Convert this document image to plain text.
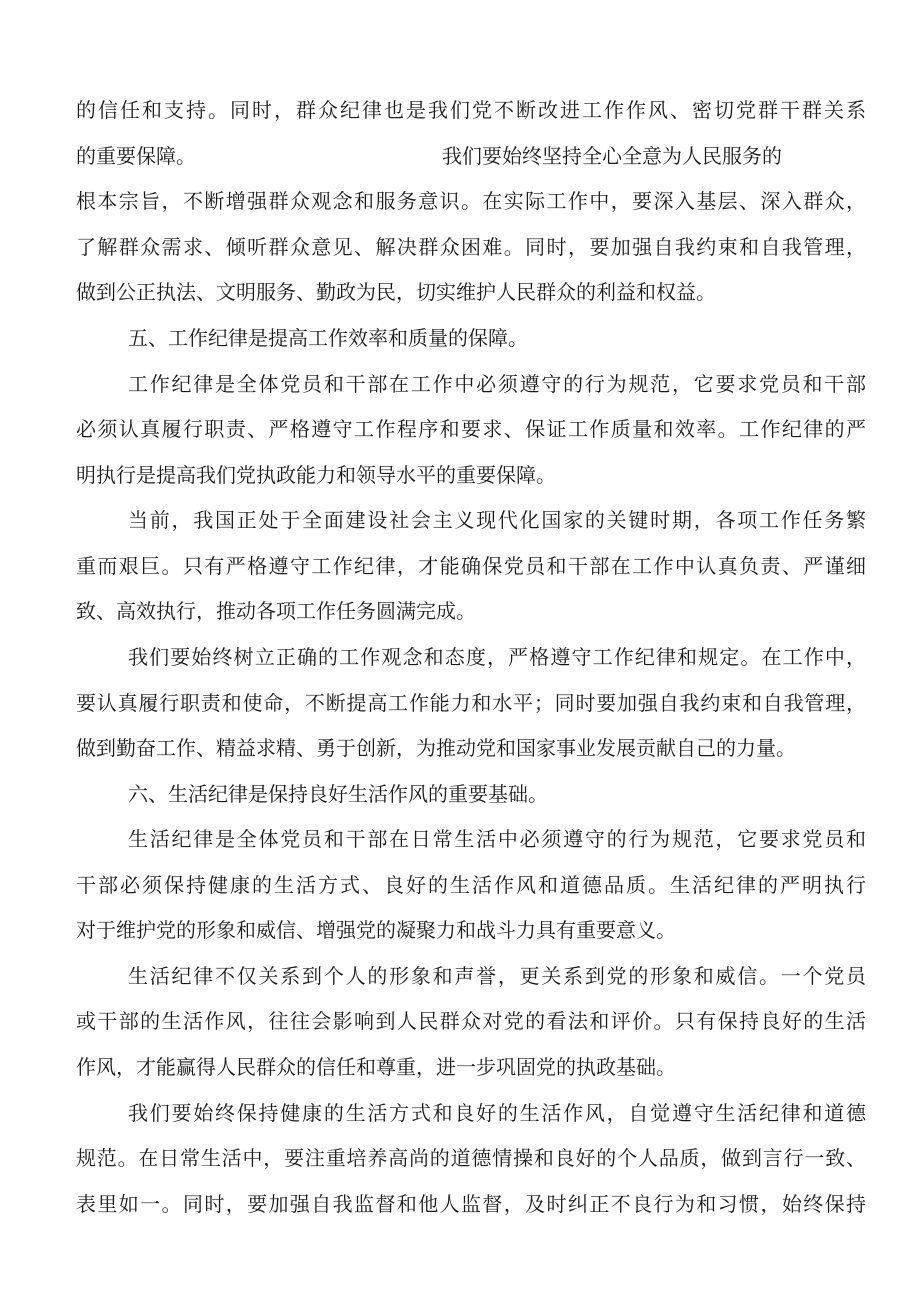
的信任和支持。同时，群众纪律也是我们党不断改进工作作风、密切党群干群关系
的重要保障。	我们要始终坚持全心全意为人民服务的
根本宗旨，不断增强群众观念和服务意识。在实际工作中，要深入基层、深入群众，
了解群众需求、倾听群众意见、解决群众困难。同时，要加强自我约束和自我管理，
做到公正执法、文明服务、勤政为民，切实维护人民群众的利益和权益。
五、工作纪律是提高工作效率和质量的保障。
工作纪律是全体党员和干部在工作中必须遵守的行为规范，它要求党员和干部
必须认真履行职责、严格遵守工作程序和要求、保证工作质量和效率。工作纪律的严
明执行是提高我们党执政能力和领导水平的重要保障。
当前，我国正处于全面建设社会主义现代化国家的关键时期，各项工作任务繁
重而艰巨。只有严格遵守工作纪律，才能确保党员和干部在工作中认真负责、严谨细
致、高效执行，推动各项工作任务圆满完成。
我们要始终树立正确的工作观念和态度，严格遵守工作纪律和规定。在工作中，
要认真履行职责和使命，不断提高工作能力和水平；同时要加强自我约束和自我管理，
做到勤奋工作、精益求精、勇于创新，为推动党和国家事业发展贡献自己的力量。
六、生活纪律是保持良好生活作风的重要基础。
生活纪律是全体党员和干部在日常生活中必须遵守的行为规范，它要求党员和
干部必须保持健康的生活方式、良好的生活作风和道德品质。生活纪律的严明执行
对于维护党的形象和威信、增强党的凝聚力和战斗力具有重要意义。
生活纪律不仅关系到个人的形象和声誉，更关系到党的形象和威信。一个党员
或干部的生活作风，往往会影响到人民群众对党的看法和评价。只有保持良好的生活
作风，才能赢得人民群众的信任和尊重，进一步巩固党的执政基础。
我们要始终保持健康的生活方式和良好的生活作风，自觉遵守生活纪律和道德
规范。在日常生活中，要注重培养高尚的道德情操和良好的个人品质，做到言行一致、
表里如一。同时，要加强自我监督和他人监督，及时纠正不良行为和习惯，始终保持
